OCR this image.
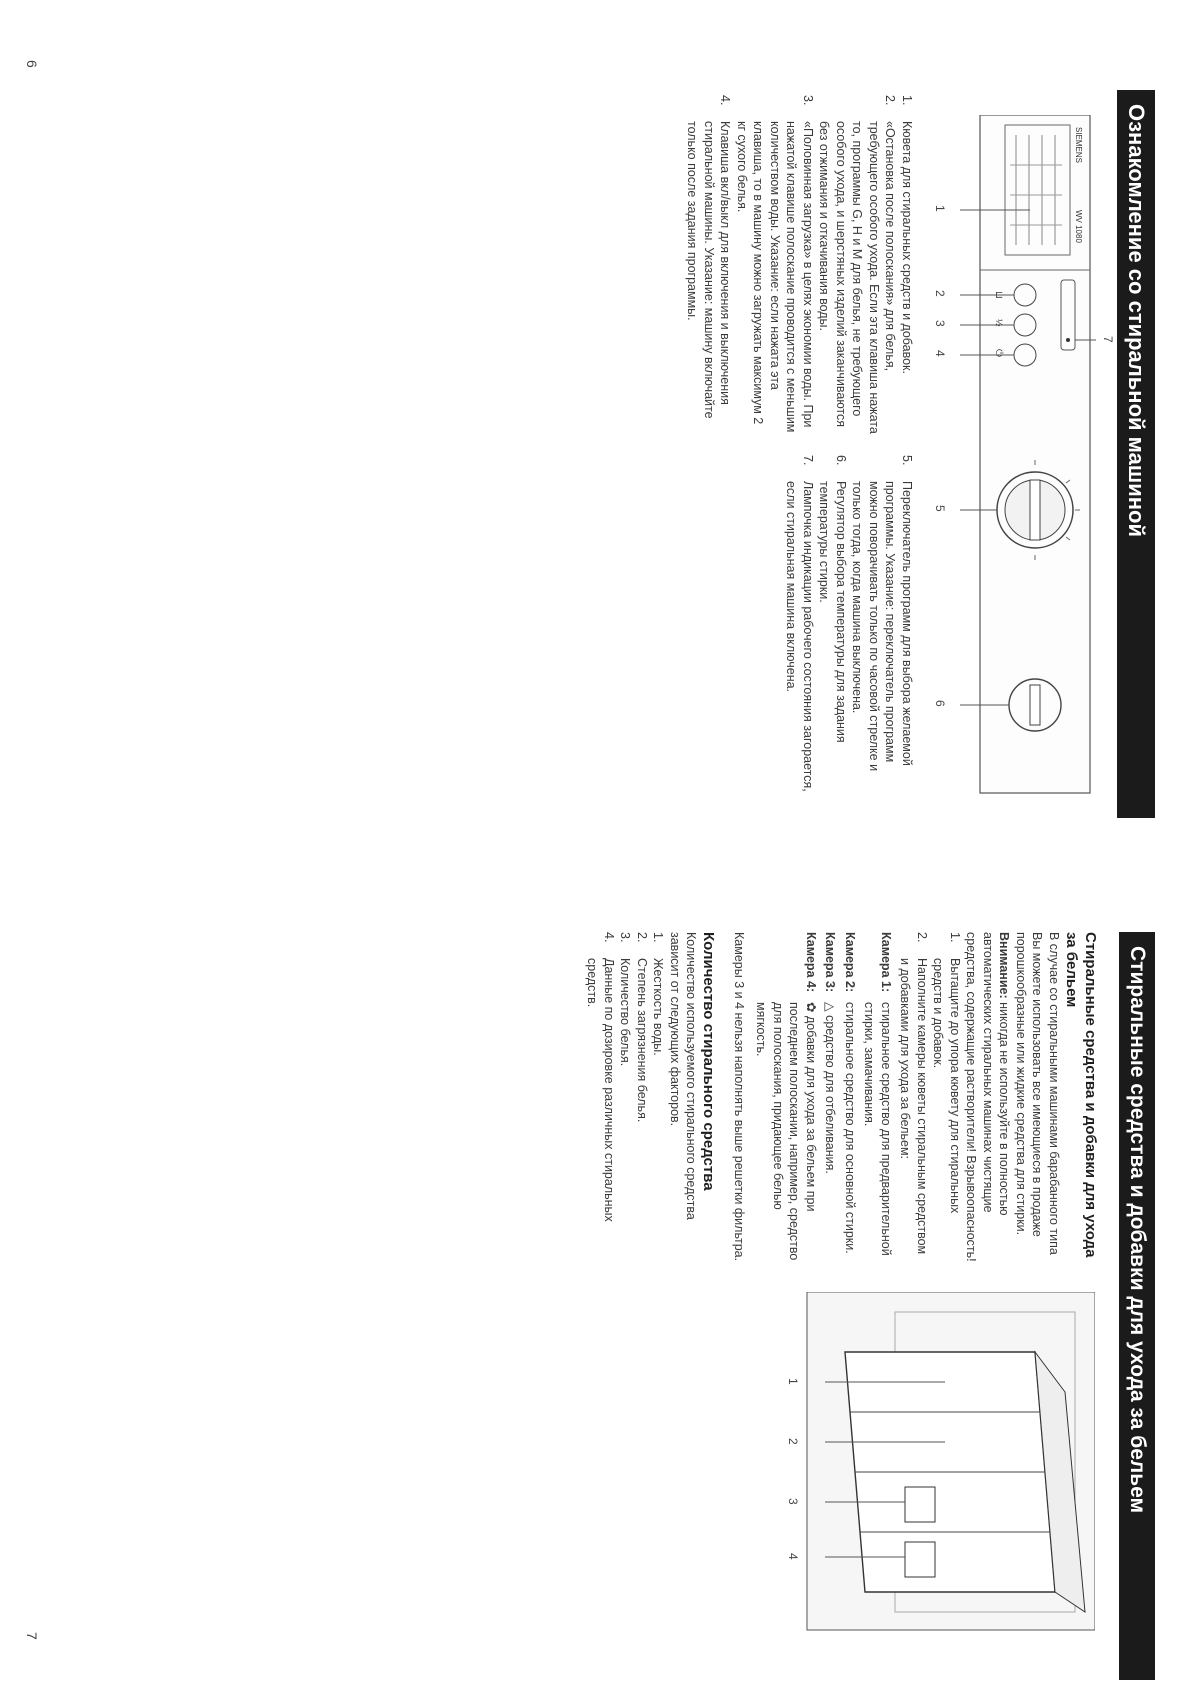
Ознакомление со стиральной машиной
SIEMENS
WV 1080
⊔
½
⏻
1
2
3
4
5
6
7
1.
Кювета для стиральных средств и добавок.
2.
«Остановка после полоскания» для белья, требующего особого ухода. Если эта клавиша нажата то, программы G, H и M для белья, не требующего особого ухода, и шерстяных изделий заканчиваются без отжимания и откачивания воды.
3.
«Половинная загрузка» в целях экономии воды. При нажатой клавише полоскание проводится с меньшим количеством воды. Указание: если нажата эта клавиша, то в машину можно загружать максимум 2 кг сухого белья.
4.
Клавиша вкл/выкл для включения и выключения стиральной машины. Указание: машину включайте только после задания программы.
5.
Переключатель программ для выбора желаемой программы. Указание: переключатель программ можно поворачивать только по часовой стрелке и только тогда, когда машина выключена.
6.
Регулятор выбора температуры для задания температуры стирки.
7.
Лампочка индикации рабочего состояния загорается, если стиральная машина включена.
6
Стиральные средства и добавки для ухода за бельем

Стиральные средства и добавки для ухода за бельем

В случае со стиральными машинами барабанного типа Вы можете использовать все имеющиеся в продаже порошкообразные или жидкие средства для стирки.

Внимание: никогда не используйте в полностью автоматических стиральных машинах чистящие средства, содержащие растворители! Взрывоопасность!

1.
Вытащите до упора кювету для стиральных средств и добавок.
2.
Наполните камеры кюветы стиральным средством и добавками для ухода за бельем:
Камера 1:
стиральное средство для предварительной стирки, замачивания.
Камера 2:
стиральное средство для основной стирки.
Камера 3:
△ средство для отбеливания.
Камера 4:
✿ добавки для ухода за бельем при последнем полоскании, например, средство для полоскания, придающее белью мягкость.

Камеры 3 и 4 нельзя наполнять выше решетки фильтра.

Количество стирального средства

Количество используемого стирального средства зависит от следующих факторов.

1.
Жесткость воды.
2.
Степень загрязнения белья.
3.
Количество белья.
4.
Данные по дозировке различных стиральных средств.
1
2
3
4
7
